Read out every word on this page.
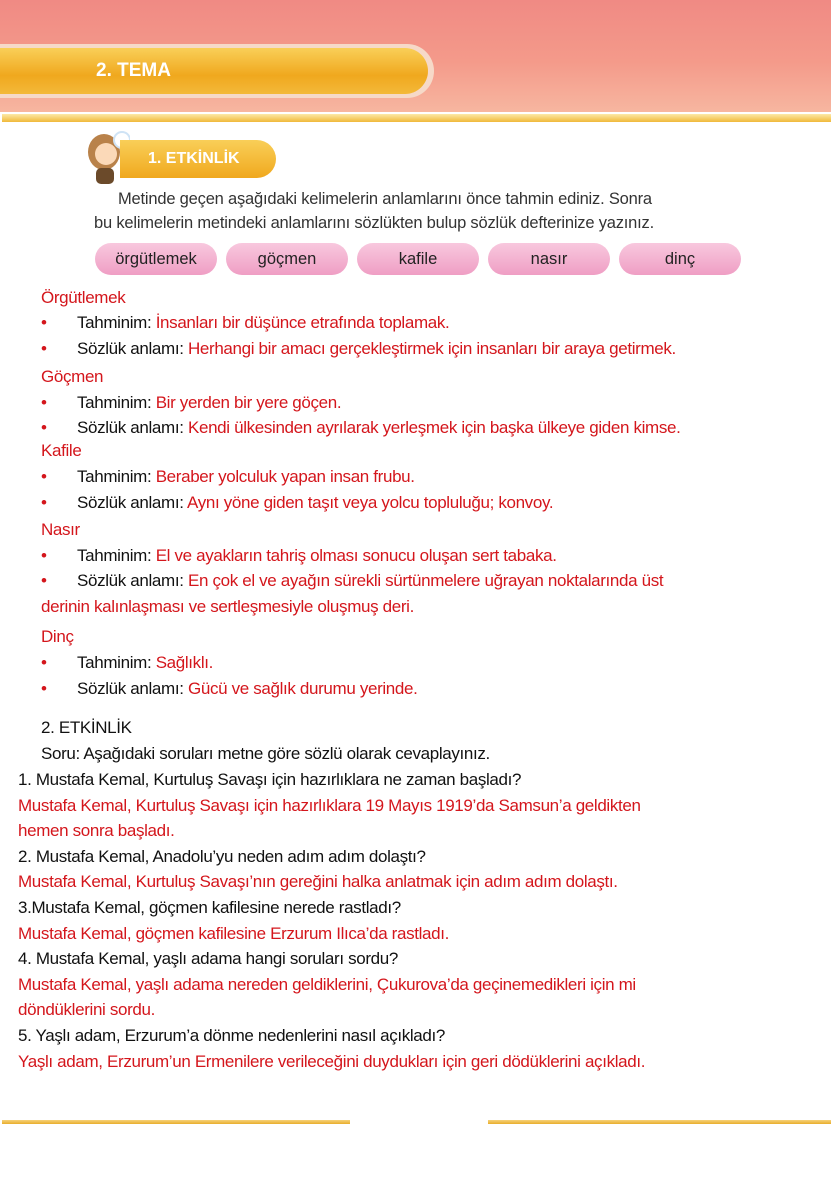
2. TEMA
1. ETKİNLİK
Metinde geçen aşağıdaki kelimelerin anlamlarını önce tahmin ediniz. Sonra
bu kelimelerin metindeki anlamlarını sözlükten bulup sözlük defterinize yazınız.
örgütlemek	göçmen	kafile	nasır	dinç
Örgütlemek
• Tahminim: İnsanları bir düşünce etrafında toplamak.
• Sözlük anlamı: Herhangi bir amacı gerçekleştirmek için insanları bir araya getirmek.
Göçmen
• Tahminim: Bir yerden bir yere göçen.
• Sözlük anlamı: Kendi ülkesinden ayrılarak yerleşmek için başka ülkeye giden kimse.
Kafile
• Tahminim: Beraber yolculuk yapan insan frubu.
• Sözlük anlamı: Aynı yöne giden taşıt veya yolcu topluluğu; konvoy.
Nasır
• Tahminim: El ve ayakların tahriş olması sonucu oluşan sert tabaka.
• Sözlük anlamı: En çok el ve ayağın sürekli sürtünmelere uğrayan noktalarında üst
derinin kalınlaşması ve sertleşmesiyle oluşmuş deri.
Dinç
• Tahminim: Sağlıklı.
• Sözlük anlamı: Gücü ve sağlık durumu yerinde.
2. ETKİNLİK
Soru: Aşağıdaki soruları metne göre sözlü olarak cevaplayınız.
1. Mustafa Kemal, Kurtuluş Savaşı için hazırlıklara ne zaman başladı?
Mustafa Kemal, Kurtuluş Savaşı için hazırlıklara 19 Mayıs 1919’da Samsun’a geldikten
hemen sonra başladı.
2. Mustafa Kemal, Anadolu’yu neden adım adım dolaştı?
Mustafa Kemal, Kurtuluş Savaşı’nın gereğini halka anlatmak için adım adım dolaştı.
3.Mustafa Kemal, göçmen kafilesine nerede rastladı?
Mustafa Kemal, göçmen kafilesine Erzurum Ilıca’da rastladı.
4. Mustafa Kemal, yaşlı adama hangi soruları sordu?
Mustafa Kemal, yaşlı adama nereden geldiklerini, Çukurova’da geçinemedikleri için mi
döndüklerini sordu.
5. Yaşlı adam, Erzurum’a dönme nedenlerini nasıl açıkladı?
Yaşlı adam, Erzurum’un Ermenilere verileceğini duydukları için geri dödüklerini açıkladı.
